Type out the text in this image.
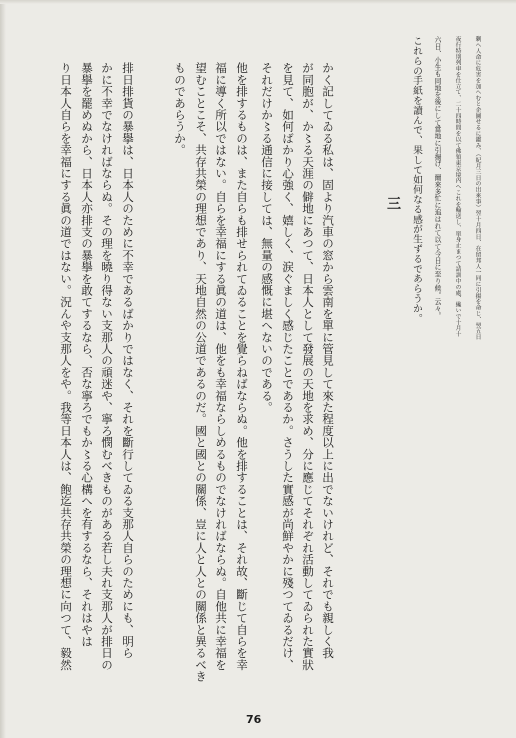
剰へ人命に危害を加へむと企圖せるに鑑み、（紀月三日の出來事）翌十月四日、在留邦人一同に引揚を命じ、翌五日
夜行特別列車を仕立て、二十四時間を以て佛領東京境内へこれを輸送し、單身止まつて請訓中の處、纔いで十月十
六日、小生も同地を後にして當地に引揚げ、爾來多忙に追はれて以て今日に至り候。云々。
これらの手紙を讀んで、果して如何なる感が生ずるであらうか。
三
かく記してゐる私は、固より汽車の窓から雲南を單に管見して來た程度以上に出でないけれど、それでも親しく我
が同胞が、か〻る天涯の僻地にあつて、日本人として發展の天地を求め、分に應じてそれぞれ活動してゐられた實狀
を見て、如何ばかり心強く、嬉しく、涙ぐましく感じたことであるか。さうした實感が尚鮮やかに殘つてゐるだけ、
それだけか〻る通信に接しては、無量の感慨に堪へないのである。
他を排するものは、また自らも排せられてゐることを覺らねばならぬ。他を排することは、それ故、斷じて自らを幸
福に導く所以ではない。自らを幸福にする眞の道は、他をも幸福ならしめるものでなければならぬ。自他共に幸福を
望むことこそ、共存共榮の理想であり、天地自然の公道であるのだ。國と國との關係、豈に人と人との關係と異るべき
ものであらうか。
排日排貨の暴擧は、日本人のために不幸であるばかりではなく、それを斷行してゐる支那人自らのためにも、明ら
かに不幸でなければならぬ。その理を曉り得ない支那人の頑迷や、寧ろ憫むべきものがある若し夫れ支那人が排日の
暴擧を罷めぬから、日本人亦排支の暴擧を敢てするなら、否な寧ろでもか〻る心構へを有するなら、それはやは
り日本人自らを幸福にする眞の道ではない。況んや支那人をや。我等日本人は、飽迄共存共榮の理想に向つて、毅然
76
